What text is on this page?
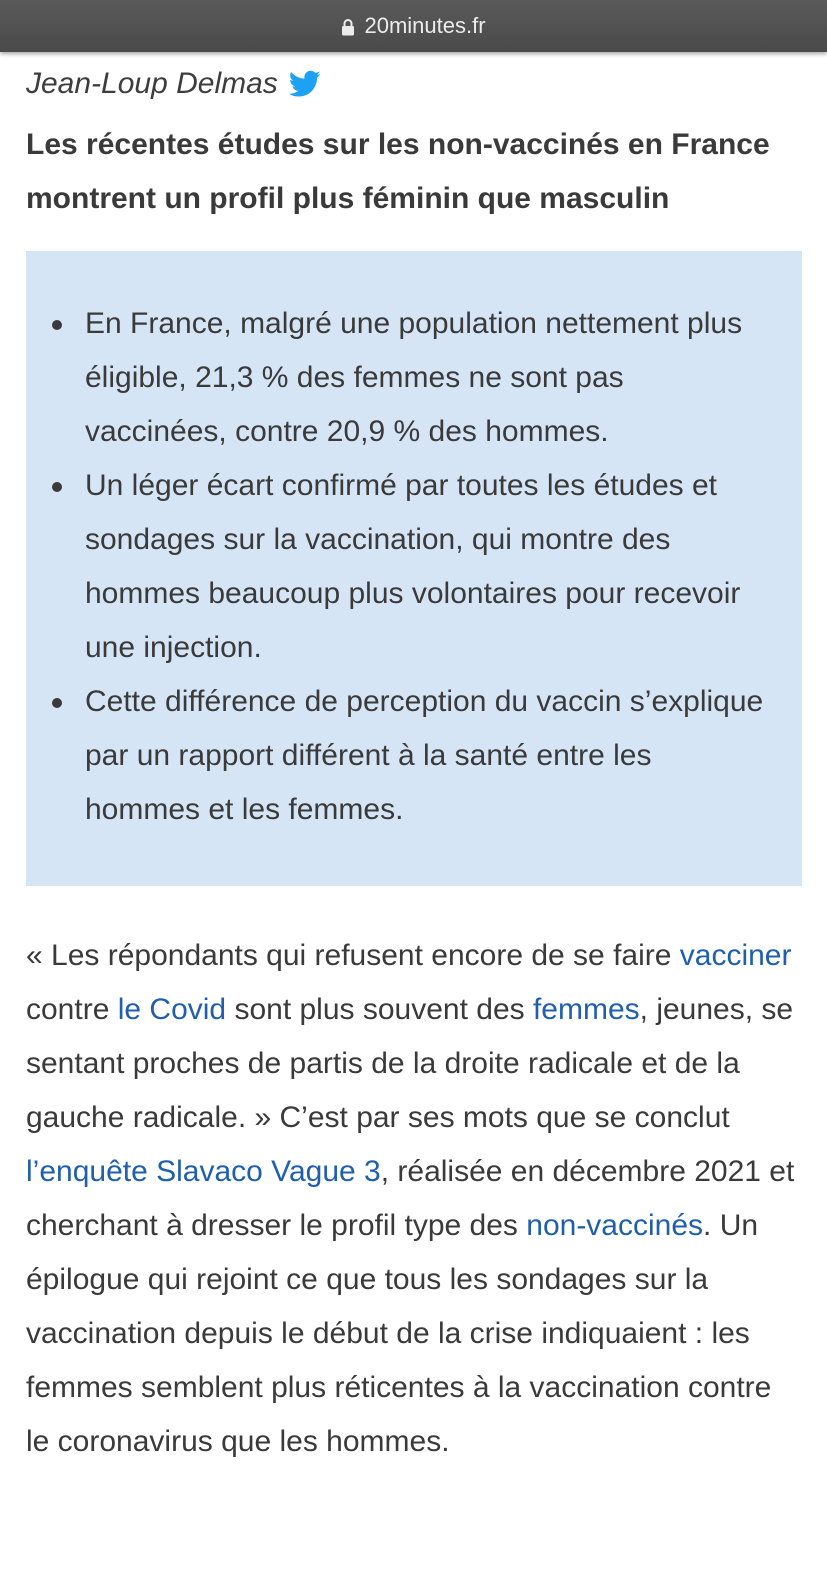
20minutes.fr
Jean-Loup Delmas
Les récentes études sur les non-vaccinés en France montrent un profil plus féminin que masculin
En France, malgré une population nettement plus éligible, 21,3 % des femmes ne sont pas vaccinées, contre 20,9 % des hommes.
Un léger écart confirmé par toutes les études et sondages sur la vaccination, qui montre des hommes beaucoup plus volontaires pour recevoir une injection.
Cette différence de perception du vaccin s’explique par un rapport différent à la santé entre les hommes et les femmes.

« Les répondants qui refusent encore de se faire vacciner contre le Covid sont plus souvent des femmes, jeunes, se sentant proches de partis de la droite radicale et de la gauche radicale. » C’est par ses mots que se conclut l’enquête Slavaco Vague 3, réalisée en décembre 2021 et cherchant à dresser le profil type des non-vaccinés. Un épilogue qui rejoint ce que tous les sondages sur la vaccination depuis le début de la crise indiquaient : les femmes semblent plus réticentes à la vaccination contre le coronavirus que les hommes.
